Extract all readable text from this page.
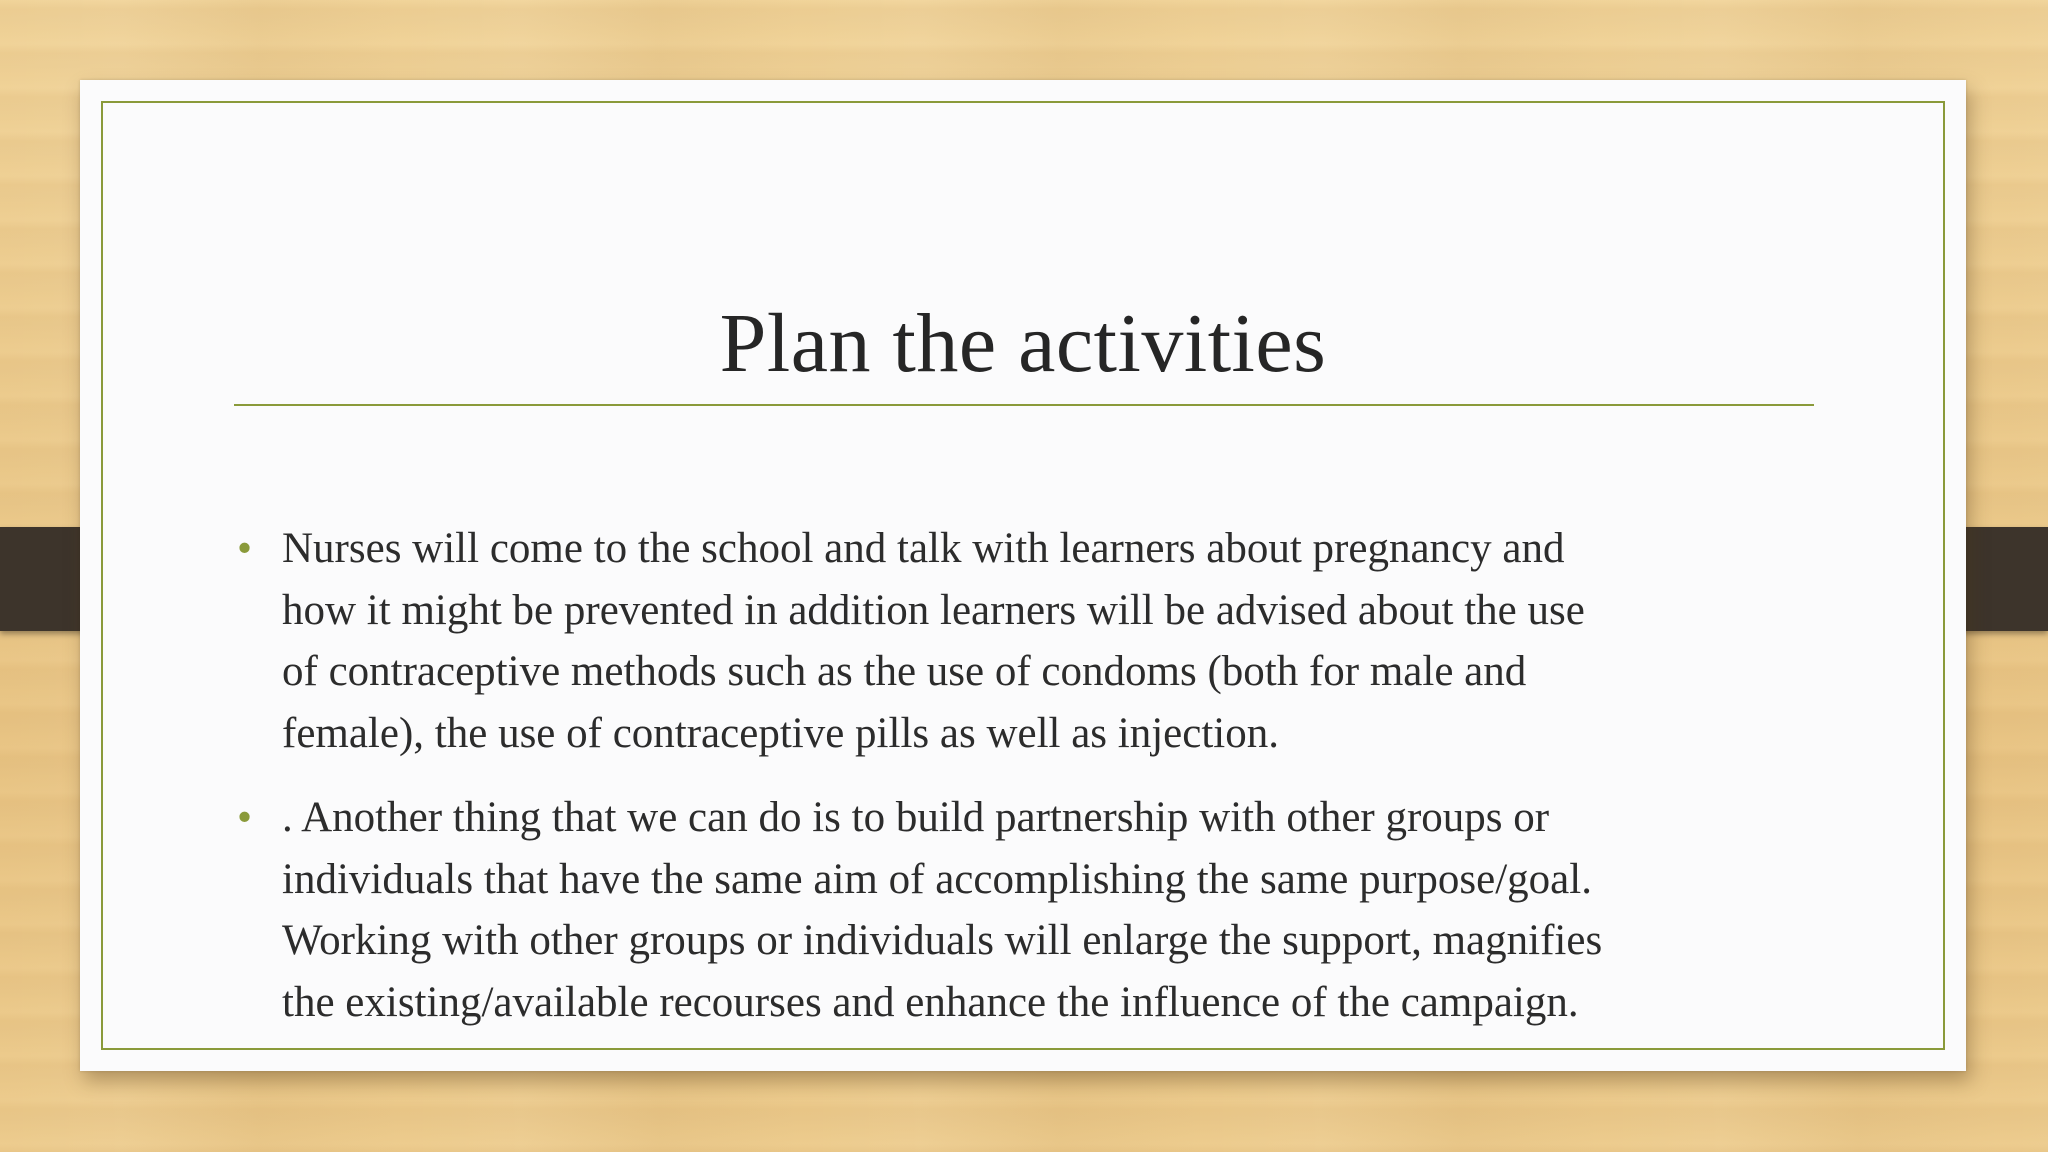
Plan the activities
• Nurses will come to the school and talk with learners about pregnancy and
how it might be prevented in addition learners will be advised about the use
of contraceptive methods such as the use of condoms (both for male and
female), the use of contraceptive pills as well as injection.
• . Another thing that we can do is to build partnership with other groups or
individuals that have the same aim of accomplishing the same purpose/goal.
Working with other groups or individuals will enlarge the support, magnifies
the existing/available recourses and enhance the influence of the campaign.
